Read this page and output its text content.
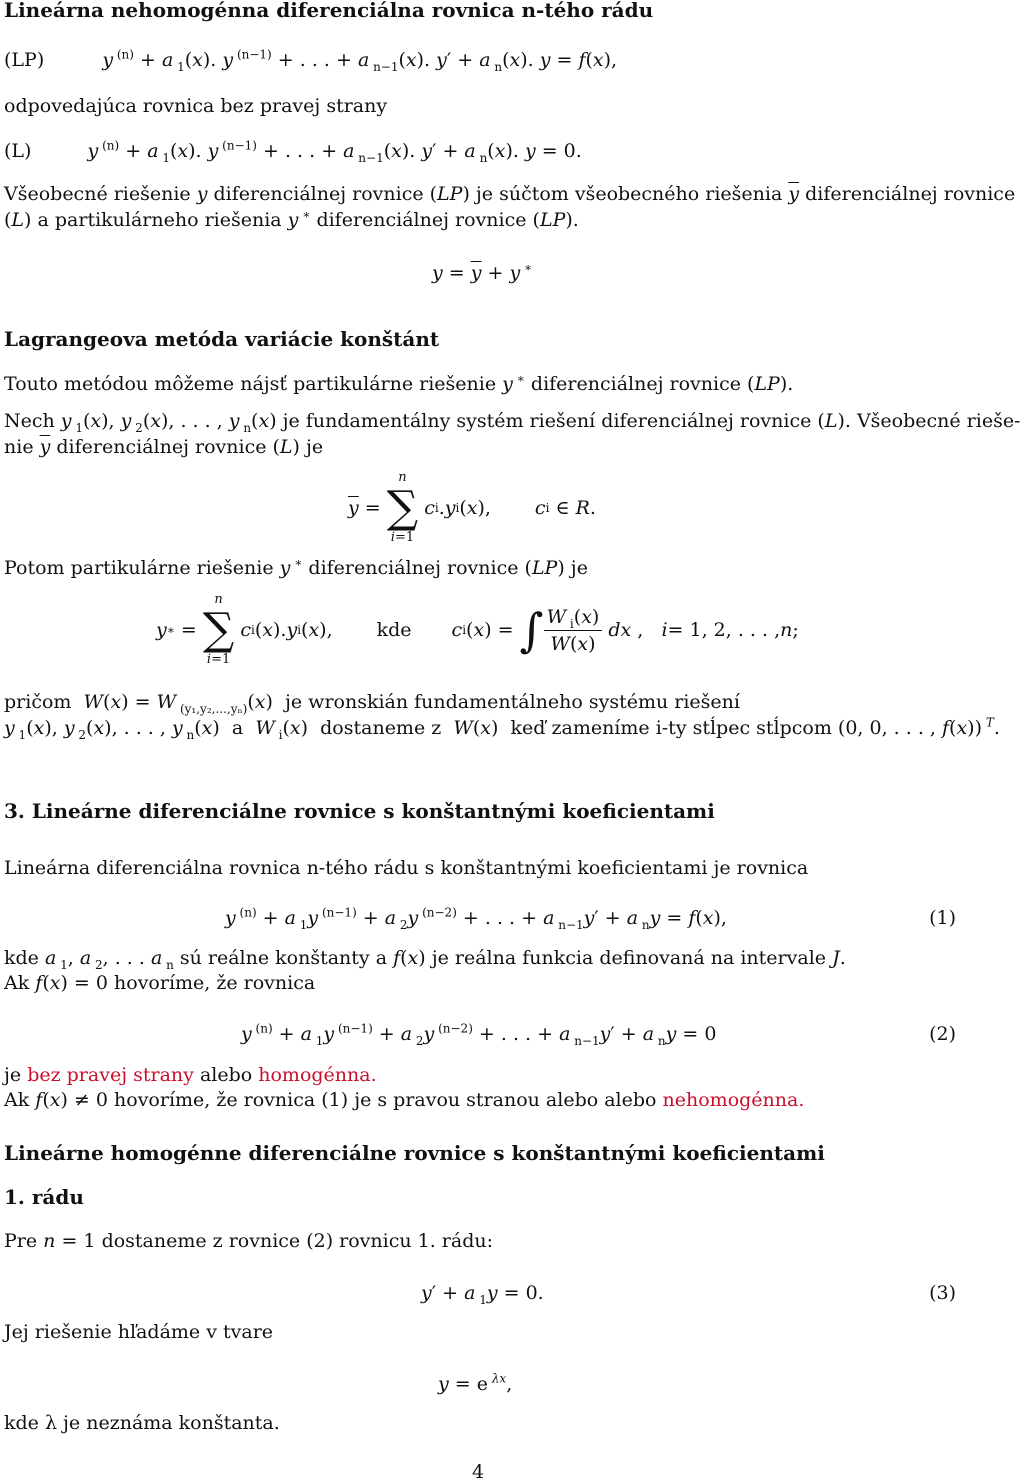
Lineárna nehomogénna diferenciálna rovnica n-tého rádu
(LP)	y $^{(n)}$ + a $_1$(x). y $^{(n-1)}$ + . . . + a $_{n-1}$(x). y′ + a $_n$(x). y = f(x),
odpovedajúca rovnica bez pravej strany
(L)	y $^{(n)}$ + a $_1$(x). y $^{(n-1)}$ + . . . + a $_{n-1}$(x). y′ + a $_n$(x). y = 0.
Všeobecné riešenie y diferenciálnej rovnice (LP) je súčtom všeobecného riešenia $\overline{y}$ diferenciálnej rovnice
(L) a partikulárneho riešenia y ∗ diferenciálnej rovnice (LP).
$y = \overline{y} + y$ ∗
Lagrangeova metóda variácie konštánt
Touto metódou môžeme nájsť partikulárne riešenie y ∗ diferenciálnej rovnice (LP).
Nech y $_1$(x), y $_2$(x), . . . , y $_n$(x) je fundamentálny systém riešení diferenciálnej rovnice (L). Všeobecné rieše-
nie $\overline{y}$ diferenciálnej rovnice (L) je
$\overline{y}$ =
n
∑
i=1

c i . y i ( x ), c i ∈ R .
Potom partikulárne riešenie y ∗ diferenciálnej rovnice (LP) je
y ∗ =
n
∑
i=1

c i ( x ). y i ( x ), kde c i ( x ) = ∫ $\frac{W _i(x)}{W(x)}$
dx , i = 1, 2, . . . , n ;
pričom W(x) = W $_{(y_1,y_2,...,y_n)}$(x)  je wronskián fundamentálneho systému riešení
y $_1$(x), y $_2$(x), . . . , y $_n$(x)  a W $_i$(x)  dostaneme z W(x)  keď zameníme i-ty stĺpec stĺpcom (0, 0, . . . , f(x)) $^T$.
3. Lineárne diferenciálne rovnice s konštantnými koeficientami
Lineárna diferenciálna rovnica n-tého rádu s konštantnými koeficientami je rovnica
y $^{(n)}$ + a $_1$y $^{(n-1)}$ + a $_2$y $^{(n-2)}$ + . . . + a $_{n-1}$y′ + a $_n$y = f(x),	(1)
kde a $_1$, a $_2$, . . . a $_n$ sú reálne konštanty a f(x) je reálna funkcia definovaná na intervale J.
Ak f(x) = 0 hovoríme, že rovnica
y $^{(n)}$ + a $_1$y $^{(n-1)}$ + a $_2$y $^{(n-2)}$ + . . . + a $_{n-1}$y′ + a $_n$y = 0	(2)
je bez pravej strany alebo homogénna.
Ak f(x) ≠ 0 hovoríme, že rovnica (1) je s pravou stranou alebo alebo nehomogénna.
Lineárne homogénne diferenciálne rovnice s konštantnými koeficientami
1. rádu
Pre n = 1 dostaneme z rovnice (2) rovnicu 1. rádu:
y′ + a $_1$y = 0.	(3)
Jej riešenie hľadáme v tvare
y = e $^{\lambda x}$,
kde λ je neznáma konštanta.
4
